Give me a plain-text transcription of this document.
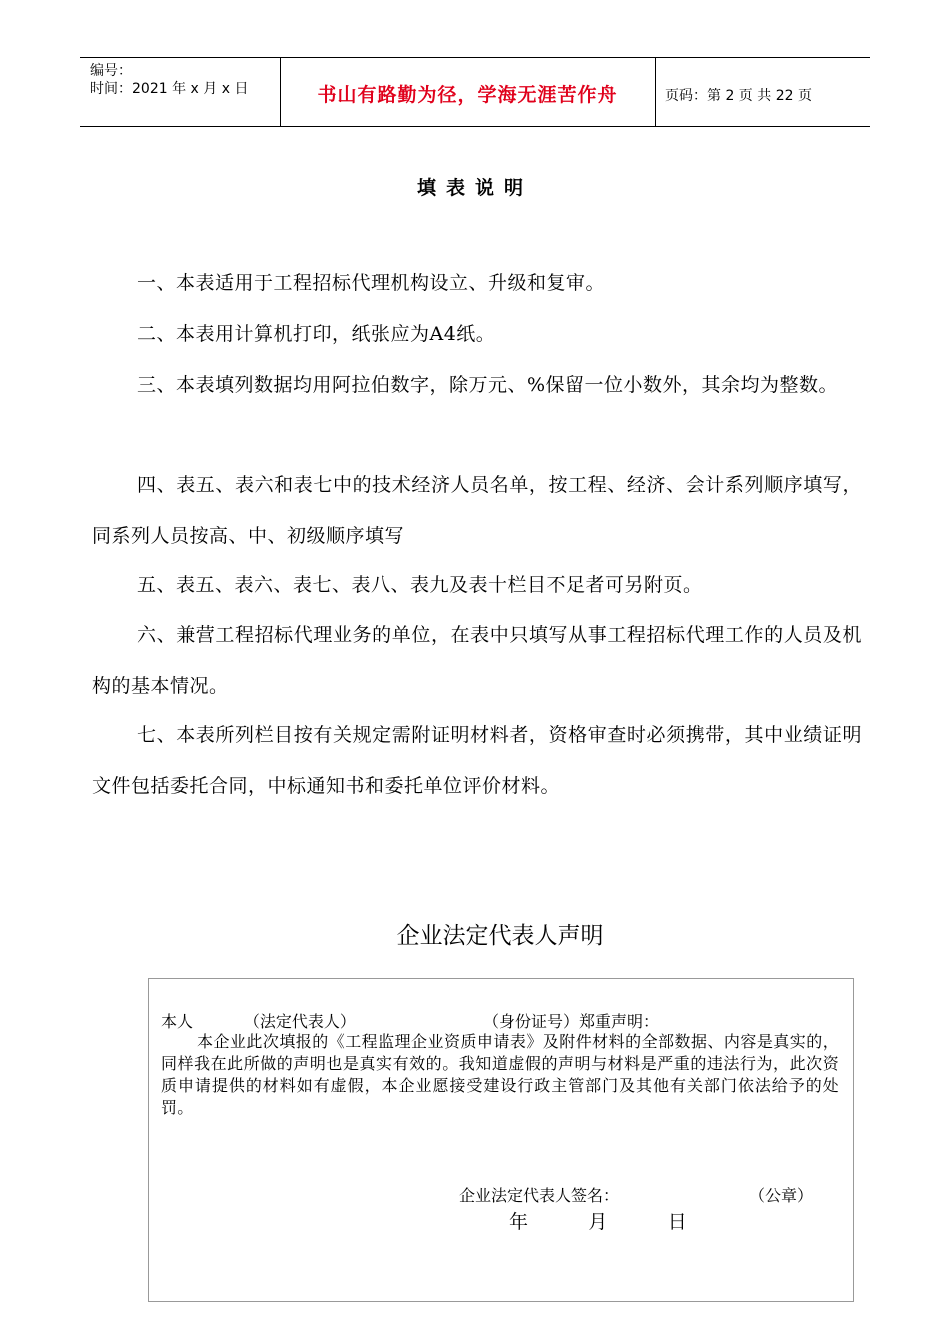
编号：
时间：2021 年 x 月 x 日	书山有路勤为径，学海无涯苦作舟	页码：第 2 页 共 22 页
填表说明
一、本表适用于工程招标代理机构设立、升级和复审。
二、本表用计算机打印，纸张应为A4纸。
三、本表填列数据均用阿拉伯数字，除万元、%保留一位小数外，其余均为整数。
四、表五、表六和表七中的技术经济人员名单，按工程、经济、会计系列顺序填写，同系列人员按高、中、初级顺序填写
五、表五、表六、表七、表八、表九及表十栏目不足者可另附页。
六、兼营工程招标代理业务的单位，在表中只填写从事工程招标代理工作的人员及机构的基本情况。
七、本表所列栏目按有关规定需附证明材料者，资格审查时必须携带，其中业绩证明文件包括委托合同，中标通知书和委托单位评价材料。
企业法定代表人声明
本人          （法定代表人）                         （身份证号）郑重声明：
本企业此次填报的《工程监理企业资质申请表》及附件材料的全部数据、内容是真实的，同样我在此所做的声明也是真实有效的。我知道虚假的声明与材料是严重的违法行为，此次资质申请提供的材料如有虚假，本企业愿接受建设行政主管部门及其他有关部门依法给予的处罚。
企业法定代表人签名：	（公章）
年          月          日
